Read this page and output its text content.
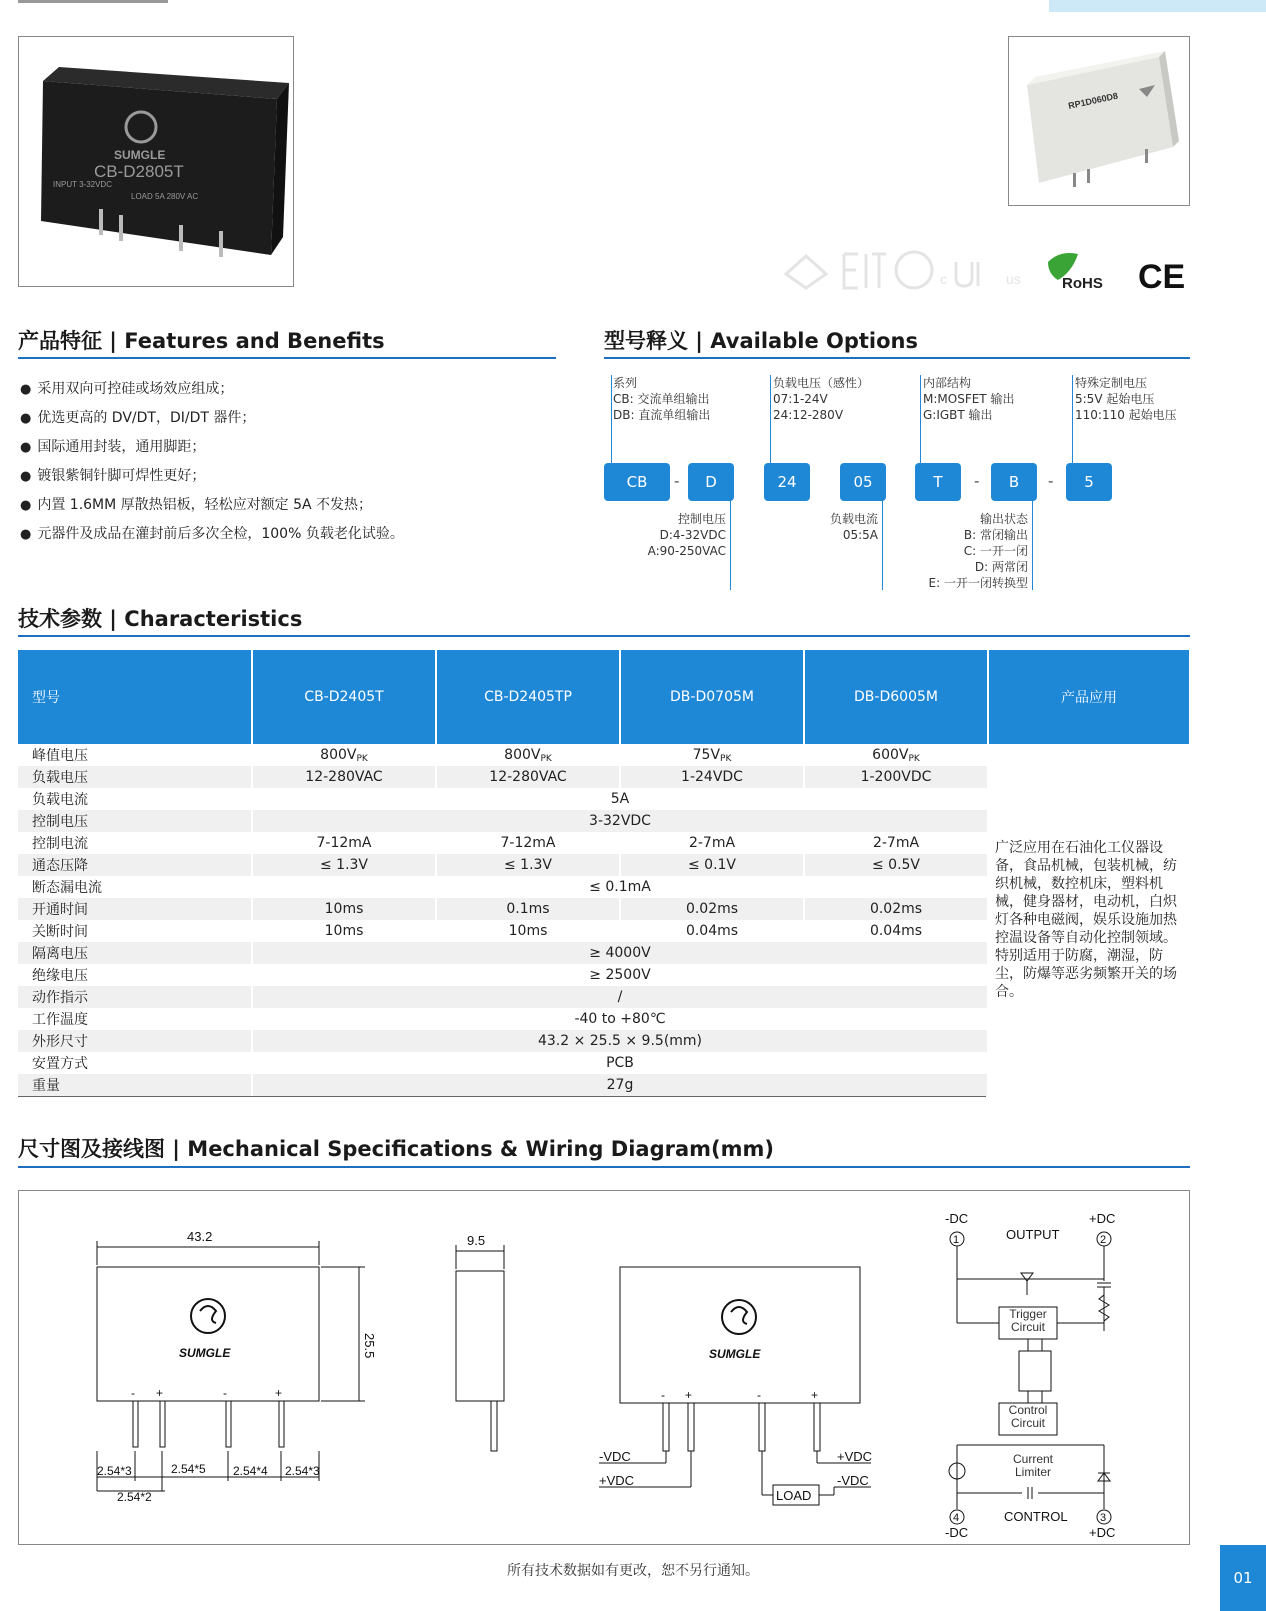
SUMGLE
CB-D2805T
INPUT 3-32VDC
LOAD 5A 280V AC
RP1D060D8
c	us	RoHS CE
产品特征 | Features and Benefits
● 采用双向可控硅或场效应组成；
● 优选更高的 DV/DT，DI/DT 器件；
● 国际通用封装，通用脚距；
● 镀银紫铜针脚可焊性更好；
● 内置 1.6MM 厚散热铝板，轻松应对额定 5A 不发热；
● 元器件及成品在灌封前后多次全检，100% 负载老化试验。
型号释义 | Available Options
系列
CB: 交流单组输出
DB: 直流单组输出
负载电压（感性）
07:1-24V
24:12-280V
内部结构
M:MOSFET 输出
G:IGBT 输出
特殊定制电压
5:5V 起始电压
110:110 起始电压
CB	-	D	24	05	T	-	B	-	5
控制电压
D:4-32VDC
A:90-250VAC
负载电流
05:5A
输出状态
B: 常闭输出
C: 一开一闭
D: 两常闭
E: 一开一闭转换型
技术参数 | Characteristics
型号	CB-D2405T	CB-D2405TP	DB-D0705M	DB-D6005M	产品应用
峰值电压	$800V_{PK}$	$800V_{PK}$	$75V_{PK}$	$600V_{PK}$	广泛应用在石油化工仪器设备，食品机械，包装机械，纺织机械，数控机床，塑料机械，健身器材，电动机，白炽灯各种电磁阀，娱乐设施加热控温设备等自动化控制领域。特别适用于防腐，潮湿，防尘，防爆等恶劣频繁开关的场合。
负载电压	12-280VAC	12-280VAC	1-24VDC	1-200VDC	
负载电流	5A				
控制电压	3-32VDC				
控制电流	7-12mA	7-12mA	2-7mA	2-7mA	
通态压降	≤ 1.3V	≤ 1.3V	≤ 0.1V	≤ 0.5V	
断态漏电流	≤ 0.1mA				
开通时间	10ms	0.1ms	0.02ms	0.02ms	
关断时间	10ms	10ms	0.04ms	0.04ms	
隔离电压	≥ 4000V				
绝缘电压	≥ 2500V				
动作指示	/				
工作温度	-40 to +80℃				
外形尺寸	43.2 × 25.5 × 9.5(mm)				
安置方式	PCB				
重量	27g				
尺寸图及接线图 | Mechanical Specifications & Wiring Diagram(mm)
SUMGLE
43.2
25.5
- +	-	+
2.54*3	2.54*5 2.54*4 2.54*3
2.54*2
9.5
SUMGLE
- +	-	+
-VDC
+VDC
LOAD
+VDC
-VDC
-DC	+DC
OUTPUT
1	2
4	3
Trigger Circuit
Control Circuit
Current Limiter
CONTROL
-DC	+DC
所有技术数据如有更改，恕不另行通知。	01
